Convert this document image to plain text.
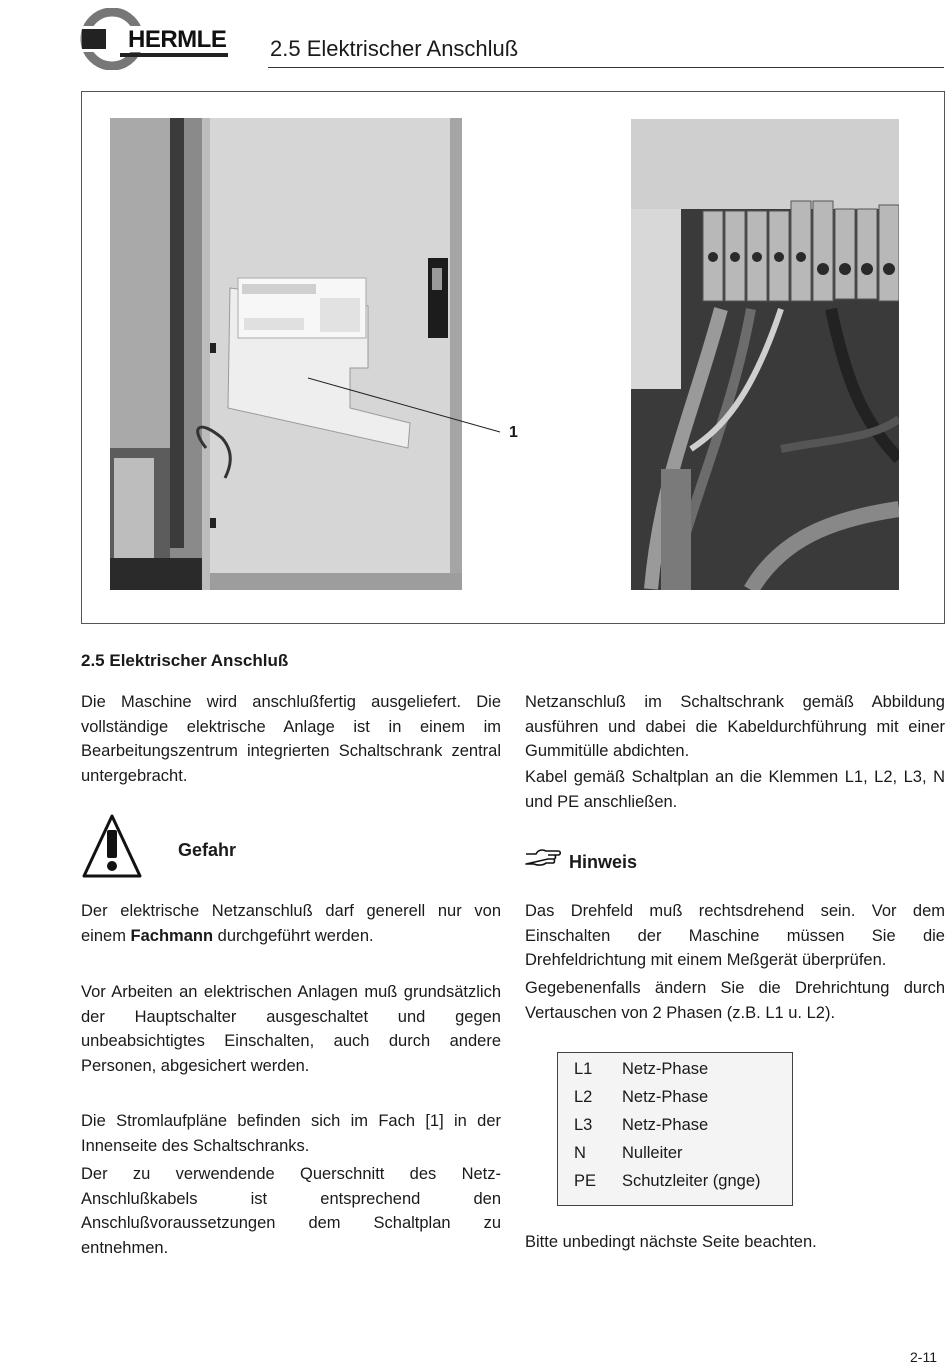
HERMLE 2.5 Elektrischer Anschluß
1
2.5 Elektrischer Anschluß

Die Maschine wird anschlußfertig ausgeliefert. Die vollständige elektrische Anlage ist in einem im Bearbeitungszentrum integrierten Schaltschrank zentral untergebracht.

Gefahr

Der elektrische Netzanschluß darf generell nur von einem Fachmann durchgeführt werden.

Vor Arbeiten an elektrischen Anlagen muß grundsätzlich der Hauptschalter ausgeschaltet und gegen unbeabsichtigtes Einschalten, auch durch andere Personen, abgesichert werden.

Die Stromlaufpläne befinden sich im Fach [1] in der Innenseite des Schaltschranks.

Der zu verwendende Querschnitt des Netz-Anschlußkabels ist entsprechend den Anschlußvoraussetzungen dem Schaltplan zu entnehmen.

Netzanschluß im Schaltschrank gemäß Abbildung ausführen und dabei die Kabeldurchführung mit einer Gummitülle abdichten.

Kabel gemäß Schaltplan an die Klemmen L1, L2, L3, N und PE anschließen.

Hinweis

Das Drehfeld muß rechtsdrehend sein. Vor dem Einschalten der Maschine müssen Sie die Drehfeldrichtung mit einem Meßgerät überprüfen.

Gegebenenfalls ändern Sie die Drehrichtung durch Vertauschen von 2 Phasen (z.B. L1 u. L2).

L1	Netz-Phase
L2	Netz-Phase
L3	Netz-Phase
N	Nulleiter
PE	Schutzleiter (gnge)
Bitte unbedingt nächste Seite beachten.
2-11
